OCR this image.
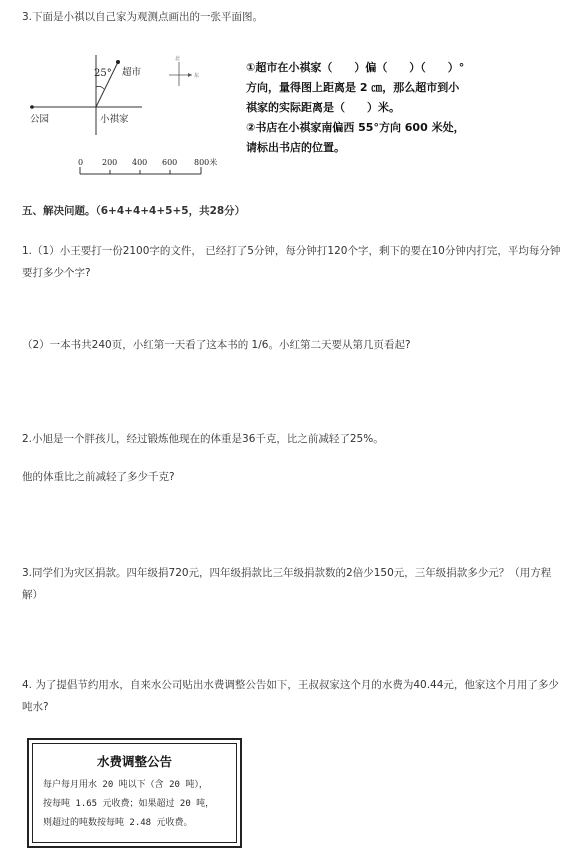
3.下面是小祺以自己家为观测点画出的一张平面图。
25° 超市
公园	小祺家
北
东
0 200 400 600 800米
①超市在小祺家（　　）偏（　　）（　　）°
方向，量得图上距离是 2 ㎝，那么超市到小
祺家的实际距离是（　　）米。
②书店在小祺家南偏西 55°方向 600 米处，
请标出书店的位置。
五、解决问题。（6+4+4+4+5+5，共28分）
1.（1）小王要打一份2100字的文件， 已经打了5分钟，每分钟打120个字，剩下的要在10分钟内打完，平均每分钟要打多少个字?
（2）一本书共240页，小红第一天看了这本书的 1/6。小红第二天要从第几页看起?
2.小旭是一个胖孩儿，经过锻炼他现在的体重是36千克，比之前减轻了25%。
他的体重比之前减轻了多少千克?
3.同学们为灾区捐款。四年级捐720元，四年级捐款比三年级捐款数的2倍少150元，三年级捐款多少元？（用方程解）
4. 为了提倡节约用水，自来水公司贴出水费调整公告如下，王叔叔家这个月的水费为40.44元，他家这个月用了多少吨水?
水费调整公告
每户每月用水 20 吨以下（含 20 吨），
按每吨 1.65 元收费；如果超过 20 吨，
则超过的吨数按每吨 2.48 元收费。
